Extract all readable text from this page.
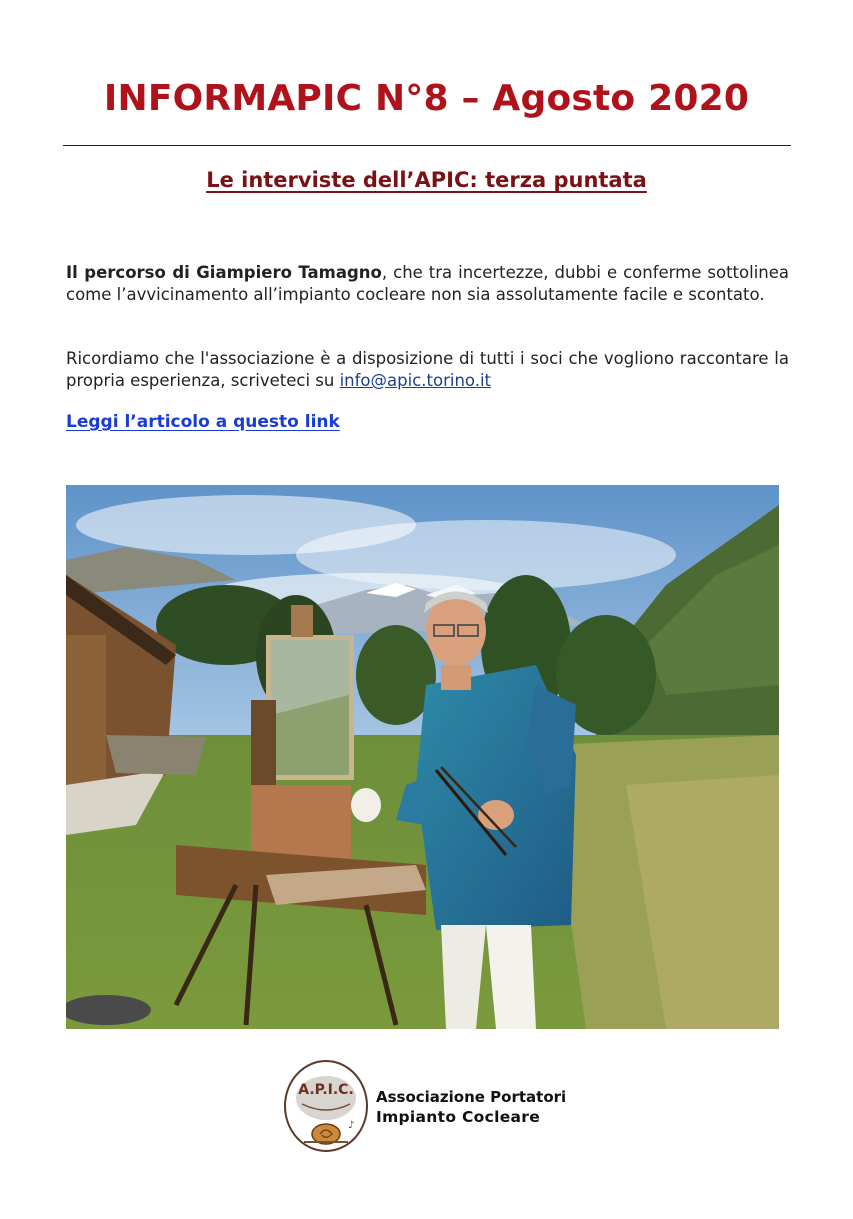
INFORMAPIC N°8 – Agosto 2020
Le interviste dell’APIC: terza puntata

Il percorso di Giampiero Tamagno, che tra incertezze, dubbi e conferme sottolinea come l’avvicinamento all’impianto cocleare non sia assolutamente facile e scontato.

Ricordiamo che l'associazione è a disposizione di tutti i soci che vogliono raccontare la propria esperienza, scriveteci su info@apic.torino.it

Leggi l’articolo a questo link
A.P.I.C.
♪
Associazione Portatori
Impianto Cocleare
